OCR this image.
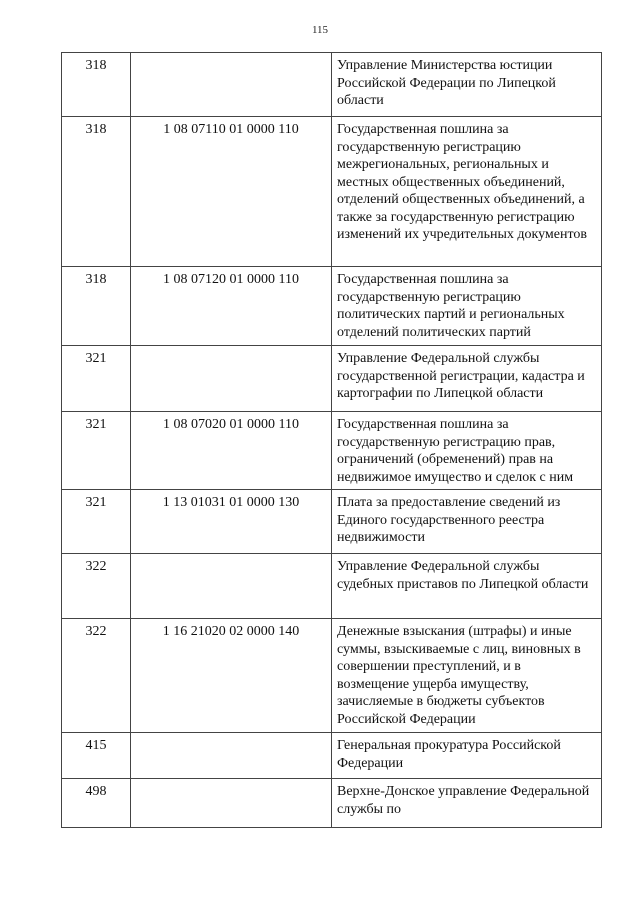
115
318		Управление Министерства юстиции Российской Федерации по Липецкой области
318	1 08 07110 01 0000 110	Государственная пошлина за государственную регистрацию межрегиональных, региональных и местных общественных объединений, отделений общественных объединений, а также за государственную регистрацию изменений их учредительных документов
318	1 08 07120 01 0000 110	Государственная пошлина за государственную регистрацию политических партий и региональных отделений политических партий
321		Управление Федеральной службы государственной регистрации, кадастра и картографии по Липецкой области
321	1 08 07020 01 0000 110	Государственная пошлина за государственную регистрацию прав, ограничений (обременений) прав на недвижимое имущество и сделок с ним
321	1 13 01031 01 0000 130	Плата за предоставление сведений из Единого государственного реестра недвижимости
322		Управление Федеральной службы судебных приставов по Липецкой области
322	1 16 21020 02 0000 140	Денежные взыскания (штрафы) и иные суммы, взыскиваемые с лиц, виновных в совершении преступлений, и в возмещение ущерба имуществу, зачисляемые в бюджеты субъектов Российской Федерации
415		Генеральная прокуратура Российской Федерации
498		Верхне-Донское управление Федеральной службы по
